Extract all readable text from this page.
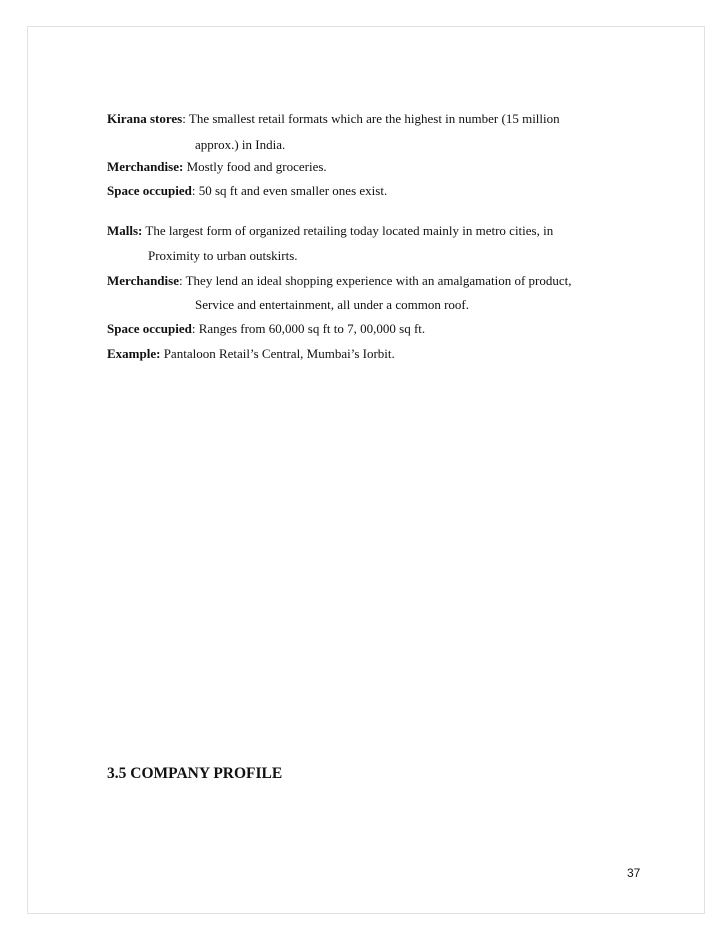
Kirana stores: The smallest retail formats which are the highest in number (15 million
approx.) in India.
Merchandise: Mostly food and groceries.
Space occupied: 50 sq ft and even smaller ones exist.
Malls: The largest form of organized retailing today located mainly in metro cities, in
Proximity to urban outskirts.
Merchandise: They lend an ideal shopping experience with an amalgamation of product,
Service and entertainment, all under a common roof.
Space occupied: Ranges from 60,000 sq ft to 7, 00,000 sq ft.
Example: Pantaloon Retail’s Central, Mumbai’s Iorbit.
3.5 COMPANY PROFILE
37
